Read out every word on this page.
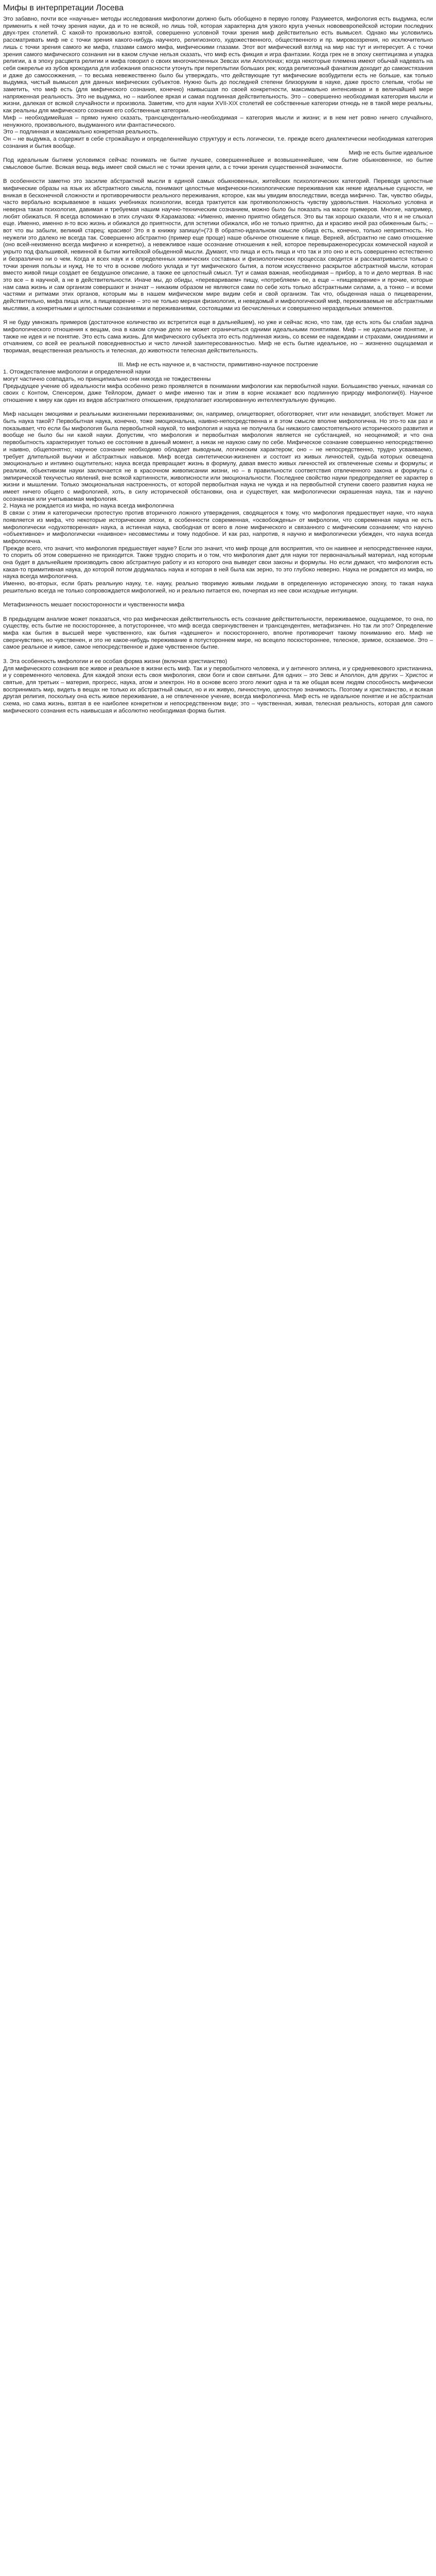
Мифы в интерпретации Лосева

Это забавно, почти все «научные» методы исследования мифологии должно быть обобщено в первую голову. Разумеется, мифология есть выдумка, если применить к ней точку зрения науки, да и то не всякой, но лишь той, которая характерна для узкого круга ученых нововевропейской истории последних двух-трех столетий. С какой-то произвольно взятой, совершенно условной точки зрения миф действительно есть вымысел. Однако мы условились рассматривать миф не с точки зрения какого-нибудь научного, религиозного, художественного, общественного и пр. мировоззрения, но исключительно лишь с точки зрения самого же мифа, глазами самого мифа, мифическими глазами. Этот вот мифический взгляд на мир нас тут и интересует. А с точки зрения самого мифического сознания ни в каком случае нельзя сказать, что миф есть фикция и игра фантазии. Когда грек не в эпоху скептицизма и упадка религии, а в эпоху расцвета религии и мифа говорил о своих многочисленных Зевсах или Аполлонах; когда некоторые племена имеют обычай надевать на себя ожерелье из зубов крокодила для избежания опасности утонуть при переплытии больших рек; когда религиозный фанатизм доходит до самоистязания и даже до самосожжения, – то весьма невежественно было бы утверждать, что действующие тут мифические возбудители есть не больше, как только выдумка, чистый вымысел для данных мифических субъектов. Нужно быть до последней степени близоруким в науке, даже просто слепым, чтобы не заметить, что миф есть (для мифического сознания, конечно) наивысшая по своей конкретности, максимально интенсивная и в величайшей мере напряженная реальность. Это не выдумка, но – наиболее яркая и самая подлинная действительность. Это – совершенно необходимая категория мысли и жизни, далекая от всякой случайности и произвола. Заметим, что для науки XVII-XIX столетий ее собственные категории отнюдь не в такой мере реальны, как реальны для мифического сознания его собственные категории.

Миф – необходимейшая – прямо нужно сказать, трансцендентально-необходимая – категория мысли и жизни; и в нем нет ровно ничего случайного, ненужного, произвольного, выдуманного или фантастического.

Это – подлинная и максимально конкретная реальность.

Он – не выдумка, а содержит в себе строжайшую и определеннейшую структуру и есть логически, т.е. прежде всего диалектически необходимая категория сознания и бытия вообще.

Миф не есть бытие идеальное

Под идеальным бытием условимся сейчас понимать не бытие лучшее, совершеннейшее и возвышеннейшее, чем бытие обыкновенное, но бытие смысловое бытие. Всякая вещь ведь имеет свой смысл не с точки зрения цели, а с точки зрения существенной значимости.

В особенности заметно это засилие абстрактной мысли в единой самых обыкновенных, житейских психологических категорий. Переводя целостные мифические образы на язык их абстрактного смысла, понимают целостные мифически-психологические переживания как некие идеальные сущности, не вникая в бесконечной сложности и противоречивости реального переживания, которое, как мы увидим впоследствии, всегда мифично. Так, чувство обиды, часто вербально вскрываемое в наших учебниках психологии, всегда трактуется как противоположность чувству удовольствия. Насколько условна и неверна такая психология, давимая и требуемая нашим научно-техническим сознанием, можно было бы показать на массе примеров. Многие, например, любят обижаться. Я всегда вспоминаю в этих случаях Ф.Карамазова: «Именно, именно приятно обидеться. Это вы так хорошо сказали, что я и не слыхал еще. Именно, именно я-то всю жизнь и обижался до приятности, для эстетики обижался, ибо не только приятно, да и красиво иной раз обиженным быть; – вот что вы забыли, великий старец: красиво! Это я в книжку запишу!»(73 В обратно-идеальном смысле обида есть, конечно, только неприятность. Но неужели это далеко не всегда так. Совершенно абстрактно (пример еще проще) наше обычное отношение к пище. Верней, абстрактно не само отношение (оно всей-неизменно всегда мифично и конкретно), а невежливое наше осознание отношения к ней, которое перевыраженоресурсах комической наукой и укрыто под фальшивой, невинной в бытии житейской обыденной мысли. Думают, что пища и есть пища и что так и это оно и есть совершенно естественно и безразлично ни о чем. Когда и всех наук и к определенных химических составных и физиологических процессах сводится и рассматривается только с точки зрения пользы и нужд. Не то что в основе любого уклада и тут мифического бытия, а потом искусственно раскрытое абстрактной мысли, которая вместо живой пищи создает ее бездушное описание, а также ее целостный смысл. Тут и самая важная, необходимая – прибор, а то и дело мертвая. В нас это все – в научной, а не в действительности. Иначе мы, до обиды, «перевариваем» пищу, «потребляем» ее, а еще – «пищеварение» и прочие, которые нам сама жизнь и сам организм совершают и значат – никаким образом не являются сами по себе хоть только абстрактными силами, а, а тонко – и всеми частями и ритмами этих органов, которым мы в нашем мифическом мире видим себя и свой организм. Так что, обыденная наша о пищеварении, действительно, мифа пища или, а пищеварение – это не только мерная физиология, и неведомый и мифологический миф, переживаемые не абстрактными мыслями, а конкретными и целостными сознаниями и переживаниями, состоящими из бесчисленных и совершенно нераздельных элементов.

Я не буду умножать примеров (достаточное количество их встретится еще в дальнейшем), но уже и сейчас ясно, что там, где есть хоть бы слабая задача мифологического отношения к вещам, она в каком случае дело не может ограничиться одними идеальными понятиями. Миф – не идеальное понятие, и также не идея и не понятие. Это есть сама жизнь. Для мифического субъекта это есть подлинная жизнь, со всеми ее надеждами и страхами, ожиданиями и отчаянием, со всей ее реальной повседневностью и чисто личной заинтересованностью. Миф не есть бытие идеальное, но – жизненно ощущаемая и творимая, вещественная реальность и телесная, до животности телесная действительность.

III. Миф не есть научное и, в частности, примитивно-научное построение

1. Отождествление мифологии и определенной науки

могут частично совпадать, но принципиально они никогда не тождественны

Предыдущее учение об идеальности мифа особенно резко проявляется в понимании мифологии как первобытной науки. Большинство ученых, начиная со своих с Контом, Спенсером, даже Тейлором, думает о мифе именно так и этим в корне искажает всю подлинную природу мифологии(6). Научное отношение к миру как один из видов абстрактного отношения, предполагает изолированную интеллектуальную функцию.

Миф насыщен эмоциями и реальными жизненными переживаниями; он, например, олицетворяет, обоготворяет, чтит или ненавидит, злобствует. Может ли быть наука такой? Первобытная наука, конечно, тоже эмоциональна, наивно-непосредственна и в этом смысле вполне мифологична. Но это-то как раз и показывает, что если бы мифология была первобытной наукой, то мифология и наука не получила бы никакого самостоятельного исторического развития и вообще не было бы ни какой науки. Допустим, что мифология и первобытная мифология является не субстанцией, но неоценимой; и что она первобытность характеризует только ее состояние в данный момент, а никак не наукою саму по себе. Мифическое сознание совершенно непосредственно и наивно, общепонятно; научное сознание необходимо обладает выводным, логическим характером; оно – не непосредственно, трудно усваиваемо, требует длительной выучки и абстрактных навыков. Миф всегда синтетически-жизненен и состоит из живых личностей, судьба которых освещена эмоционально и интимно ощутительно; наука всегда превращает жизнь в формулу, давая вместо живых личностей их отвлеченные схемы и формулы; и реализм, объективизм науки заключается не в красочном живописании жизни, но – в правильности соответствия отвлеченного закона и формулы с эмпирической текучестью явлений, вне всякой картинности, живописности или эмоциональности. Последнее свойство науки предопределяет ее характер в жизни и мышлении. Только эмоциональная настроенность, от которой первобытная наука не чужда и на первобытной ступени своего развития наука не имеет ничего общего с мифологией, хоть, в силу исторической обстановки, она и существует, как мифологически окрашенная наука, так и научно осознанная или учитываемая мифология.

2. Наука не рождается из мифа, но наука всегда мифологична

В связи с этим я категорически протестую против вторичного ложного утверждения, сводящегося к тому, что мифология предшествует науке, что наука появляется из мифа, что некоторые исторические эпохи, в особенности современная, «освобождены» от мифологии, что современная наука не есть мифологически «одухотворенная» наука, а истинная наука, свободная от всего в лоне мифического и связанного с мифическим сознанием; что научно «объективное» и мифологически «наивное» несовместимы и тому подобное. И как раз, напротив, я научно и мифологически убежден, что наука всегда мифологична.

Прежде всего, что значит, что мифология предшествует науке? Если это значит, что миф проще для восприятия, что он наивнее и непосредственнее науки, то спорить об этом совершенно не приходится. Также трудно спорить и о том, что мифология дает для науки тот первоначальный материал, над которым она будет в дальнейшем производить свою абстрактную работу и из которого она выведет свои законы и формулы. Но если думают, что мифология есть какая-то примитивная наука, до которой потом додумалась наука и которая в ней была как зерно, то это глубоко неверно. Наука не рождается из мифа, но наука всегда мифологична.

Именно, во-вторых, если брать реальную науку, т.е. науку, реально творимую живыми людьми в определенную историческую эпоху, то такая наука решительно всегда не только сопровождается мифологией, но и реально питается ею, почерпая из нее свои исходные интуиции.

Метафизичность мешает посюсторонности и чувственности мифа

В предыдущем анализе может показаться, что раз мифическая действительность есть сознание действительности, переживаемое, ощущаемое, то она, по существу, есть бытие не посюстороннее, а потустороннее, что миф всегда сверхчувственен и трансцендентен, метафизичен. Но так ли это? Определение мифа как бытия в высшей мере чувственного, как бытия «здешнего» и посюстороннего, вполне противоречит такому пониманию его. Миф не сверхчувствен, но чувственен, и это не какое-нибудь переживание в потустороннем мире, но всецело посюстороннее, телесное, зримое, осязаемое. Это – самое реальное и живое, самое непосредственное и даже чувственное бытие.

3. Эта особенность мифологии и ее особая форма жизни (включая христианство)

Для мифического сознания все живое и реальное в жизни есть миф. Так и у первобытного человека, и у античного эллина, и у средневекового христианина, и у современного человека. Для каждой эпохи есть своя мифология, свои боги и свои святыни. Для одних – это Зевс и Аполлон, для других – Христос и святые, для третьих – материя, прогресс, наука, атом и электрон. Но в основе всего этого лежит одна и та же общая всем людям способность мифически воспринимать мир, видеть в вещах не только их абстрактный смысл, но и их живую, личностную, целостную значимость. Поэтому и христианство, и всякая другая религия, поскольку она есть живое переживание, а не отвлеченное учение, всегда мифологична. Миф есть не идеальное понятие и не абстрактная схема, но сама жизнь, взятая в ее наиболее конкретном и непосредственном виде; это – чувственная, живая, телесная реальность, которая для самого мифического сознания есть наивысшая и абсолютно необходимая форма бытия.
